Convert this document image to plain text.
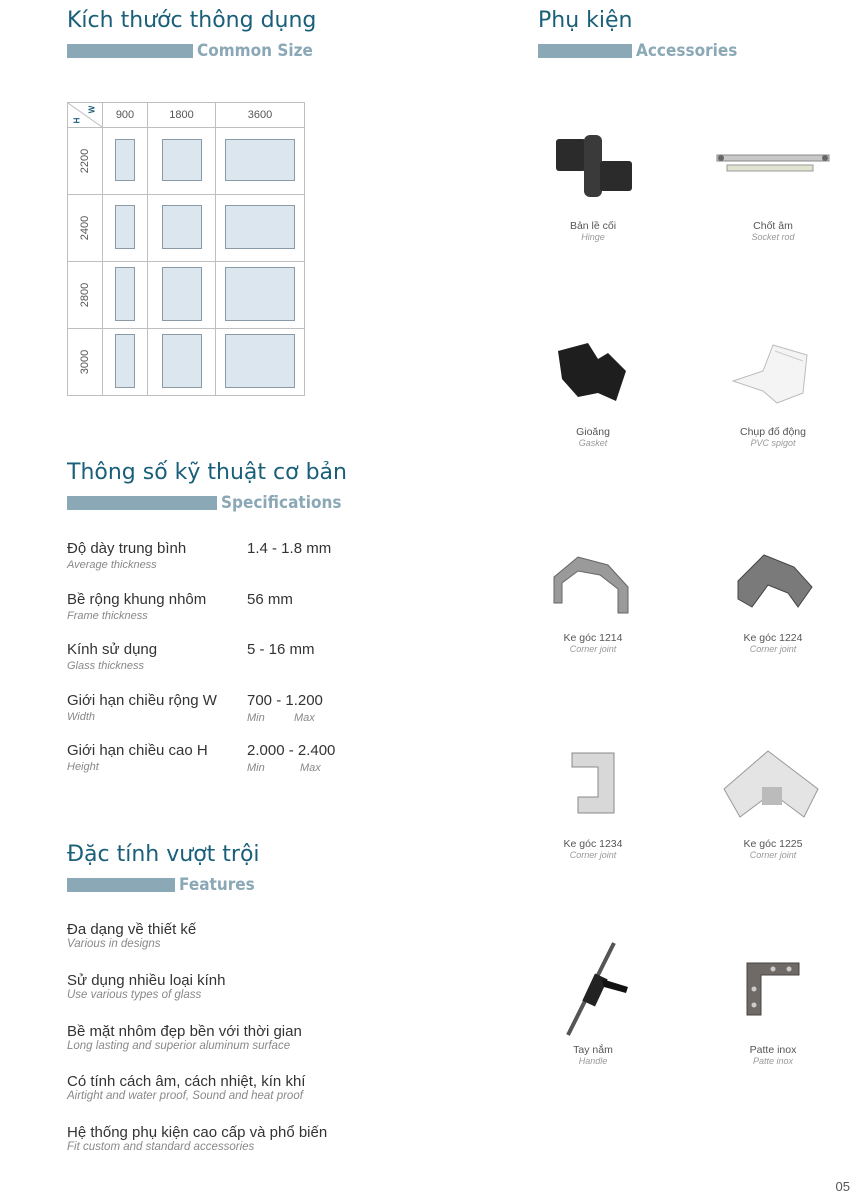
Kích thước thông dụng
Common Size
W
H	900	1800	3600
2200			
2400			
2800			
3000			
Thông số kỹ thuật cơ bản
Specifications
Độ dày trung bình
Average thickness
1.4 - 1.8 mm
Bề rộng khung nhôm
Frame thickness
56 mm
Kính sử dụng
Glass thickness
5 - 16 mm
Giới hạn chiều rộng W
Width
700 - 1.200
Min	Max
Giới hạn chiều cao H
Height
2.000 - 2.400
Min	Max
Đặc tính vượt trội
Features
Đa dạng về thiết kế
Various in designs
Sử dụng nhiều loại kính
Use various types of glass
Bề mặt nhôm đẹp bền với thời gian
Long lasting and superior aluminum surface
Có tính cách âm, cách nhiệt, kín khí
Airtight and water proof, Sound and heat proof
Hệ thống phụ kiện cao cấp và phổ biến
Fit custom and standard accessories
Phụ kiện
Accessories
Bản lề cối
Hinge
Chốt âm
Socket rod
Gioăng
Gasket
Chụp đố động
PVC spigot
Ke góc 1214
Corner joint
Ke góc 1224
Corner joint
Ke góc 1234
Corner joint
Ke góc 1225
Corner joint
Tay nắm
Handle
Patte inox
Patte inox
05
